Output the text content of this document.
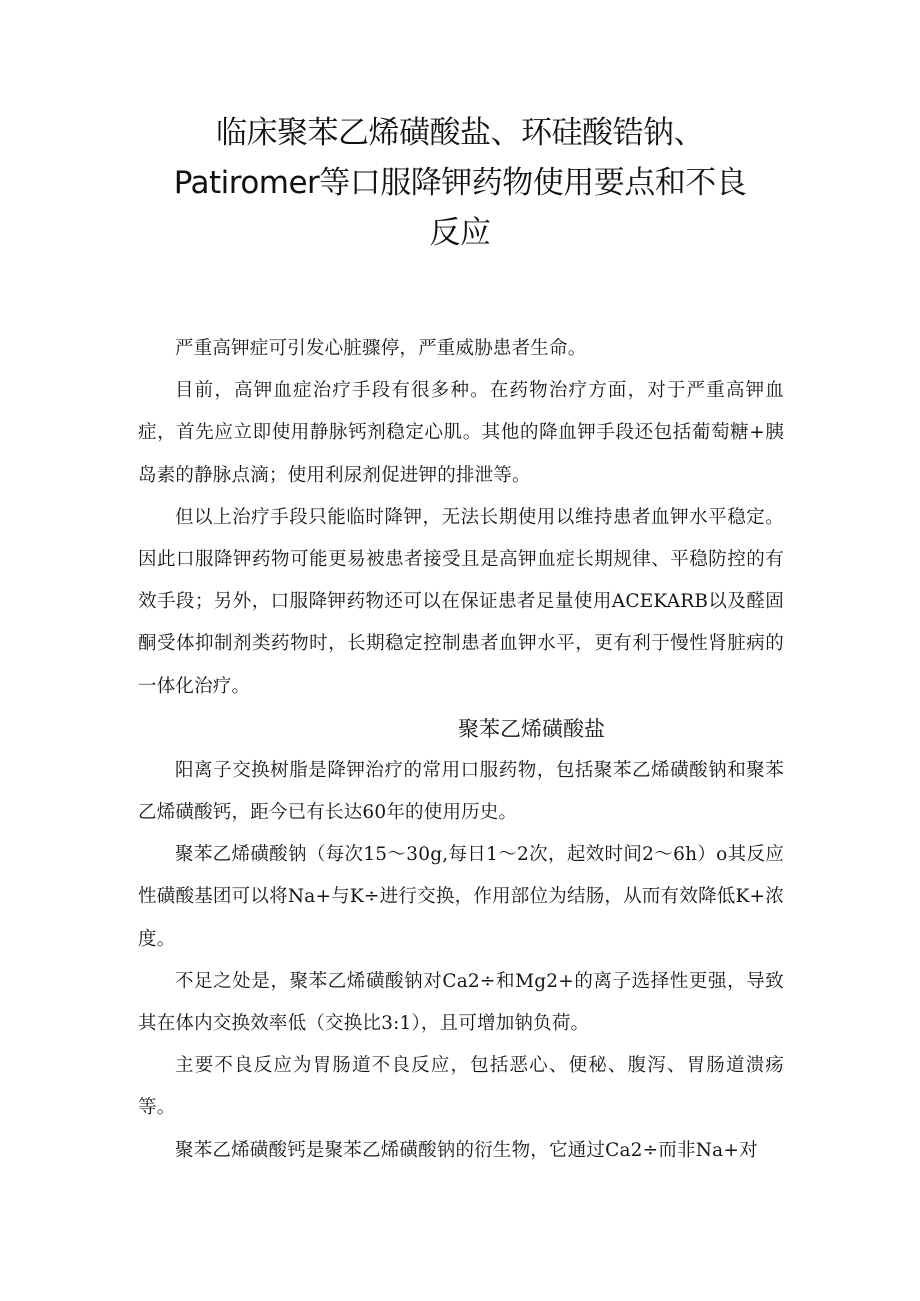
临床聚苯乙烯磺酸盐、环硅酸锆钠、
Patiromer等口服降钾药物使用要点和不良
反应

严重高钾症可引发心脏骤停，严重威胁患者生命。

目前，高钾血症治疗手段有很多种。在药物治疗方面，对于严重高钾血症，首先应立即使用静脉钙剂稳定心肌。其他的降血钾手段还包括葡萄糖+胰岛素的静脉点滴；使用利尿剂促进钾的排泄等。

但以上治疗手段只能临时降钾，无法长期使用以维持患者血钾水平稳定。因此口服降钾药物可能更易被患者接受且是高钾血症长期规律、平稳防控的有效手段；另外，口服降钾药物还可以在保证患者足量使用ACEKARB以及醛固酮受体抑制剂类药物时，长期稳定控制患者血钾水平，更有利于慢性肾脏病的一体化治疗。

聚苯乙烯磺酸盐

阳离子交换树脂是降钾治疗的常用口服药物，包括聚苯乙烯磺酸钠和聚苯乙烯磺酸钙，距今已有长达60年的使用历史。

聚苯乙烯磺酸钠（每次15～30g,每日1～2次，起效时间2～6h）o其反应性磺酸基团可以将Na+与K÷进行交换，作用部位为结肠，从而有效降低K+浓度。

不足之处是，聚苯乙烯磺酸钠对Ca2÷和Mg2+的离子选择性更强，导致其在体内交换效率低（交换比3:1），且可增加钠负荷。

主要不良反应为胃肠道不良反应，包括恶心、便秘、腹泻、胃肠道溃疡等。

聚苯乙烯磺酸钙是聚苯乙烯磺酸钠的衍生物，它通过Ca2÷而非Na+对
